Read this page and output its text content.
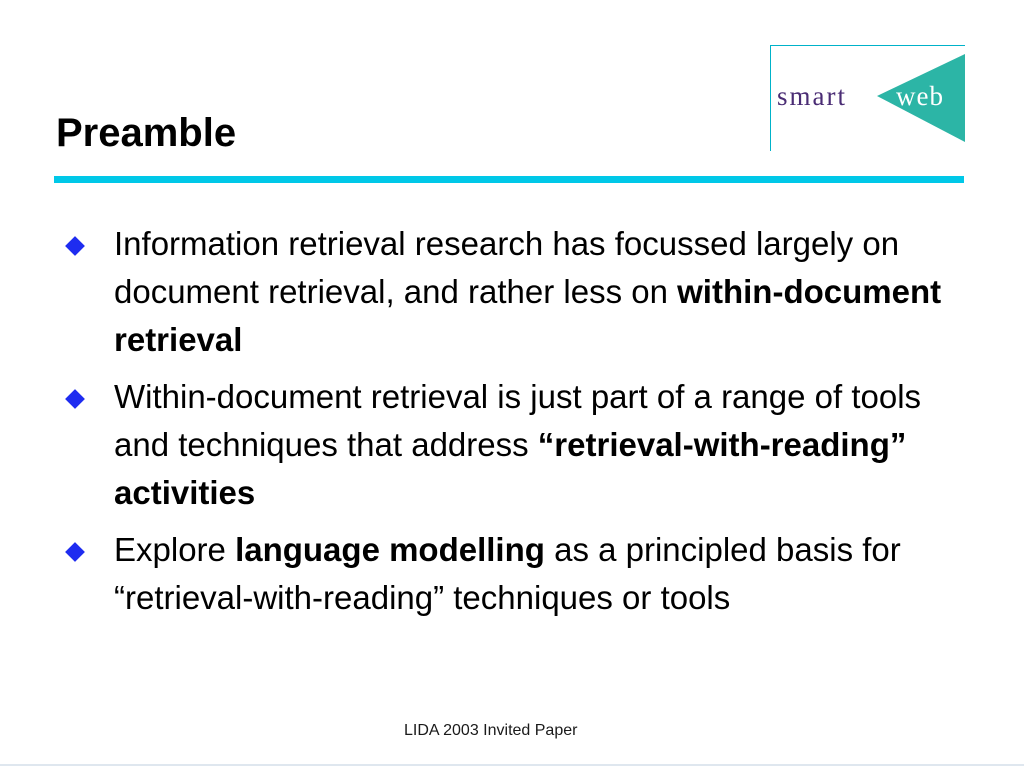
Preamble
smart web
Information retrieval research has focussed largely on document retrieval, and rather less on within-document retrieval
Within-document retrieval is just part of a range of tools and techniques that address “retrieval-with-reading” activities
Explore language modelling as a principled basis for “retrieval-with-reading” techniques or tools
LIDA 2003 Invited Paper
